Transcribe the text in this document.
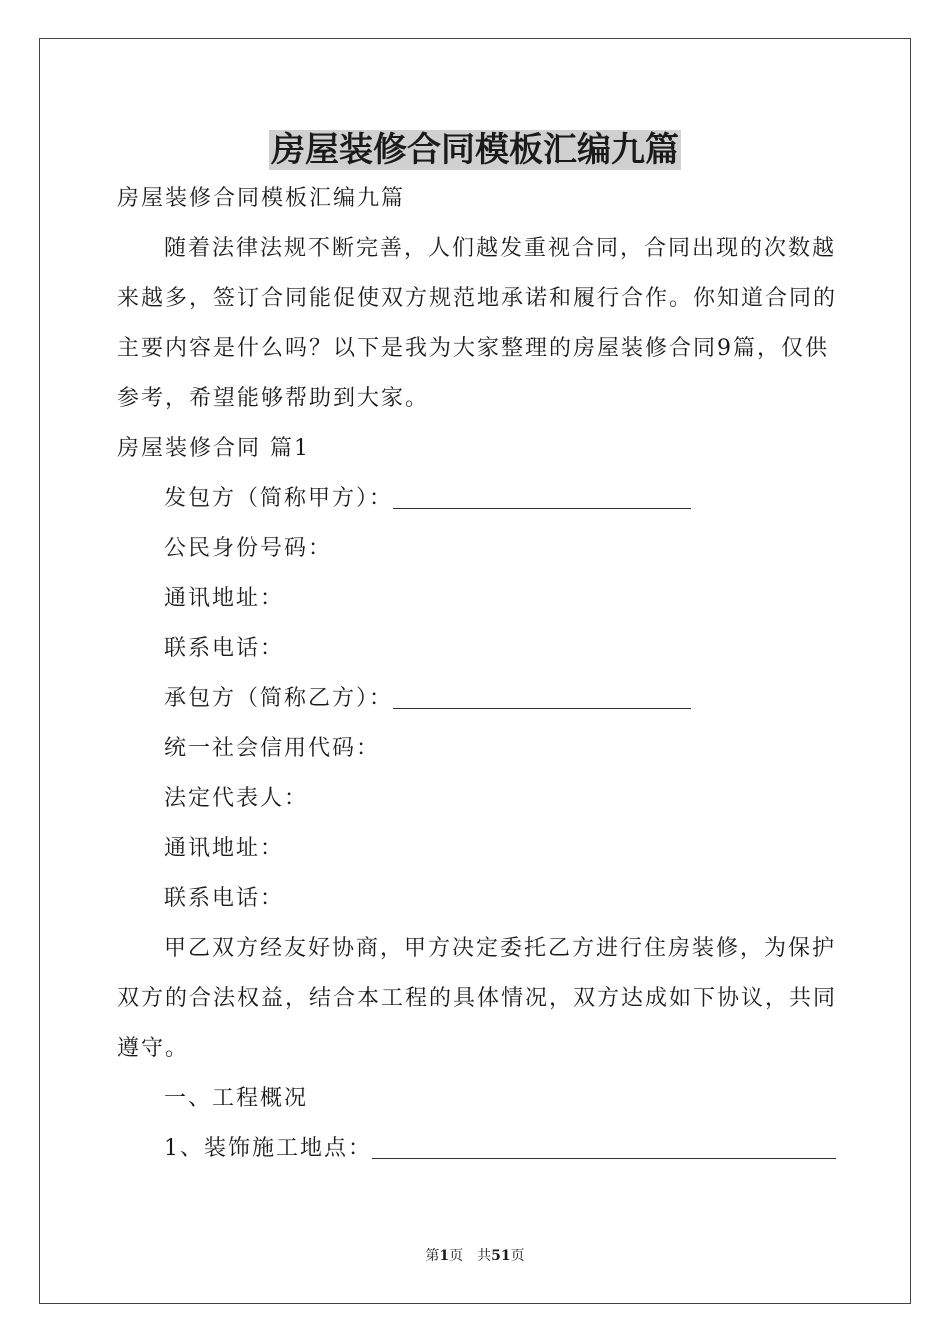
房屋装修合同模板汇编九篇
房屋装修合同模板汇编九篇
随着法律法规不断完善，人们越发重视合同，合同出现的次数越
来越多，签订合同能促使双方规范地承诺和履行合作。你知道合同的
主要内容是什么吗？以下是我为大家整理的房屋装修合同9篇，仅供
参考，希望能够帮助到大家。
房屋装修合同 篇1
发包方（简称甲方）：
公民身份号码：
通讯地址：
联系电话：
承包方（简称乙方）：
统一社会信用代码：
法定代表人：
通讯地址：
联系电话：
甲乙双方经友好协商，甲方决定委托乙方进行住房装修，为保护
双方的合法权益，结合本工程的具体情况，双方达成如下协议，共同
遵守。
一、工程概况
1、装饰施工地点：
第1页　共51页
